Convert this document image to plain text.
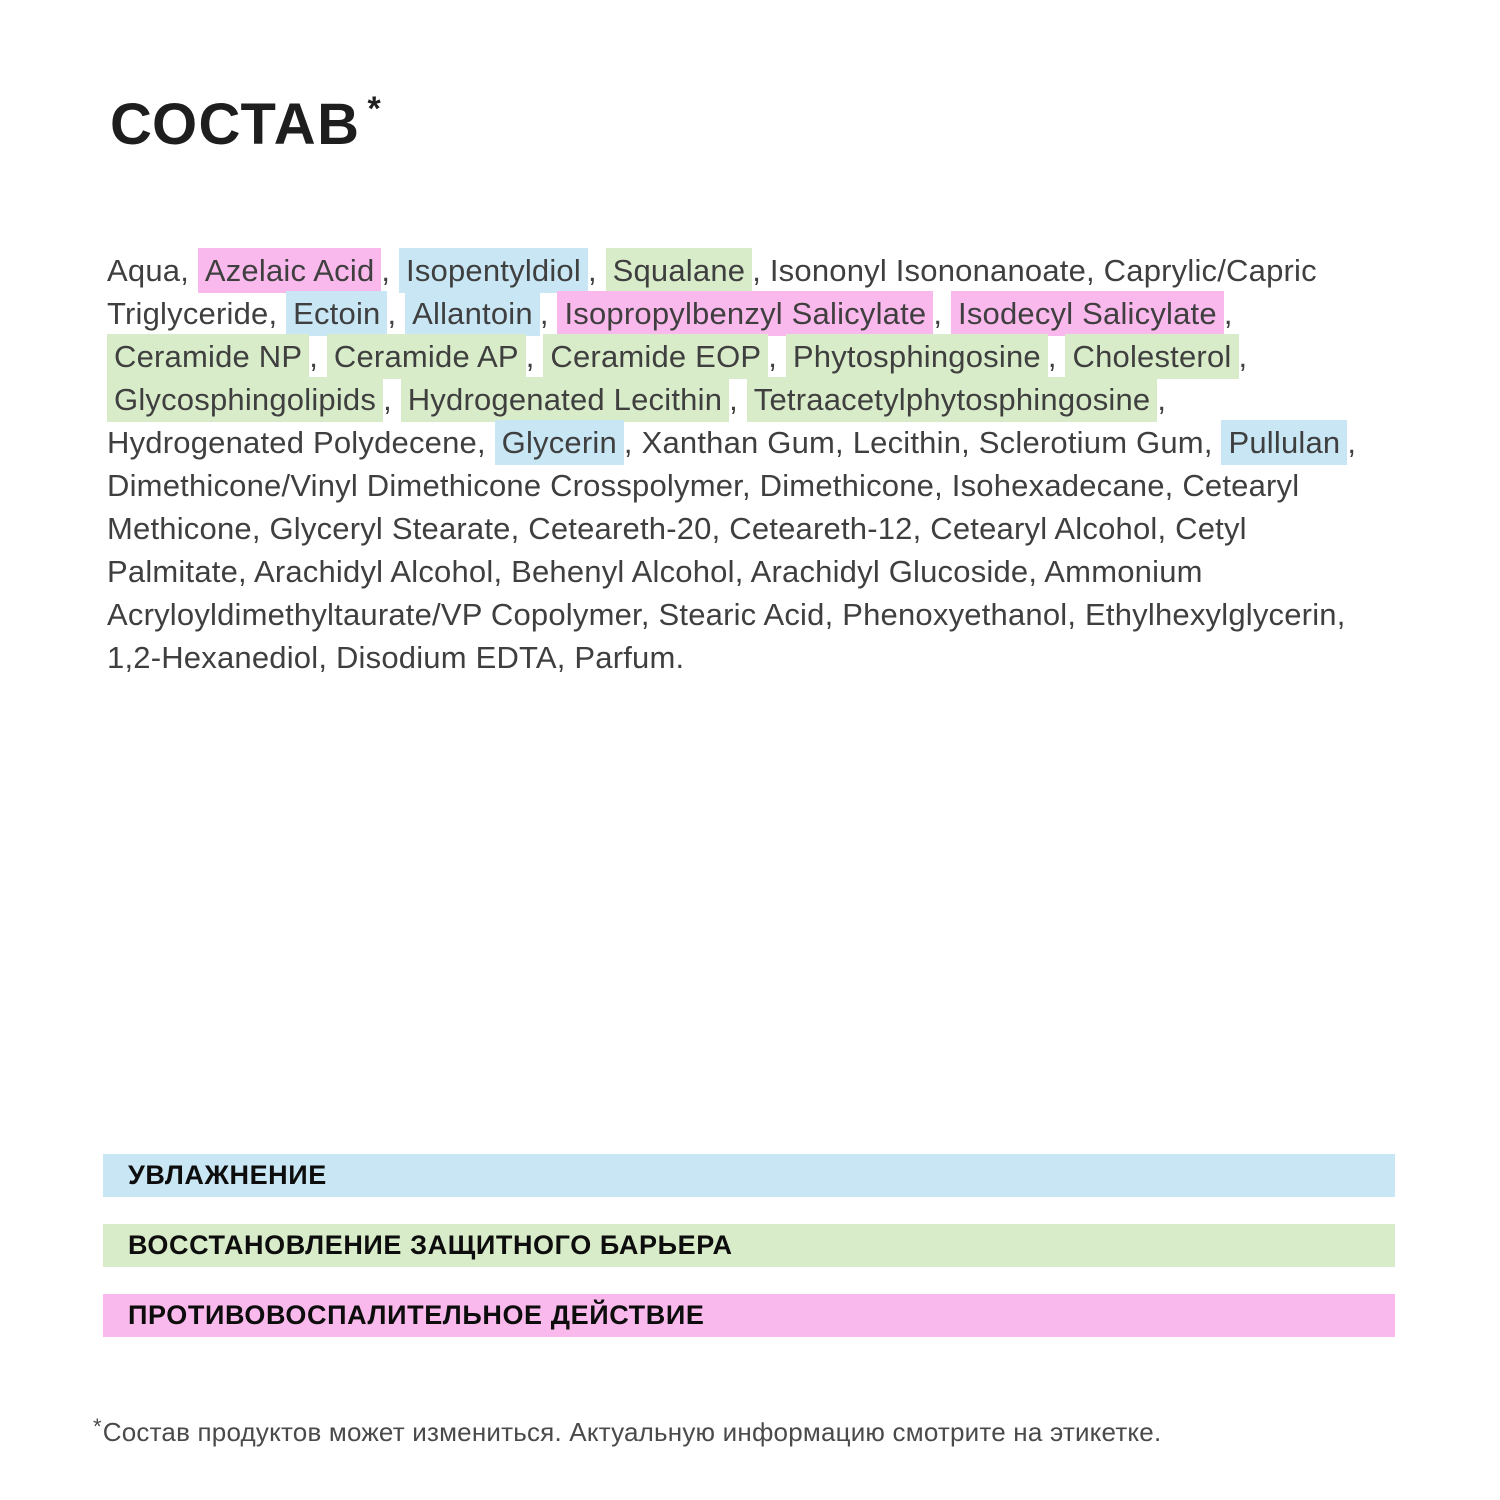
СОСТАВ *

Aqua, Azelaic Acid , Isopentyldiol , Squalane , Isononyl Isononanoate, Caprylic/Capric Triglyceride, Ectoin , Allantoin , Isopropylbenzyl Salicylate , Isodecyl Salicylate , Ceramide NP , Ceramide AP , Ceramide EOP , Phytosphingosine , Cholesterol , Glycosphingolipids , Hydrogenated Lecithin , Tetraacetylphytosphingosine , Hydrogenated Polydecene, Glycerin , Xanthan Gum, Lecithin, Sclerotium Gum, Pullulan , Dimethicone/Vinyl Dimethicone Crosspolymer, Dimethicone, Isohexadecane, Cetearyl Methicone, Glyceryl Stearate, Ceteareth-20, Ceteareth-12, Cetearyl Alcohol, Cetyl Palmitate, Arachidyl Alcohol, Behenyl Alcohol, Arachidyl Glucoside, Ammonium Acryloyldimethyltaurate/VP Copolymer, Stearic Acid, Phenoxyethanol, Ethylhexylglycerin, 1,2-Hexanediol, Disodium EDTA, Parfum.

УВЛАЖНЕНИЕ
ВОССТАНОВЛЕНИЕ ЗАЩИТНОГО БАРЬЕРА
ПРОТИВОВОСПАЛИТЕЛЬНОЕ ДЕЙСТВИЕ

*Состав продуктов может измениться. Актуальную информацию смотрите на этикетке.
